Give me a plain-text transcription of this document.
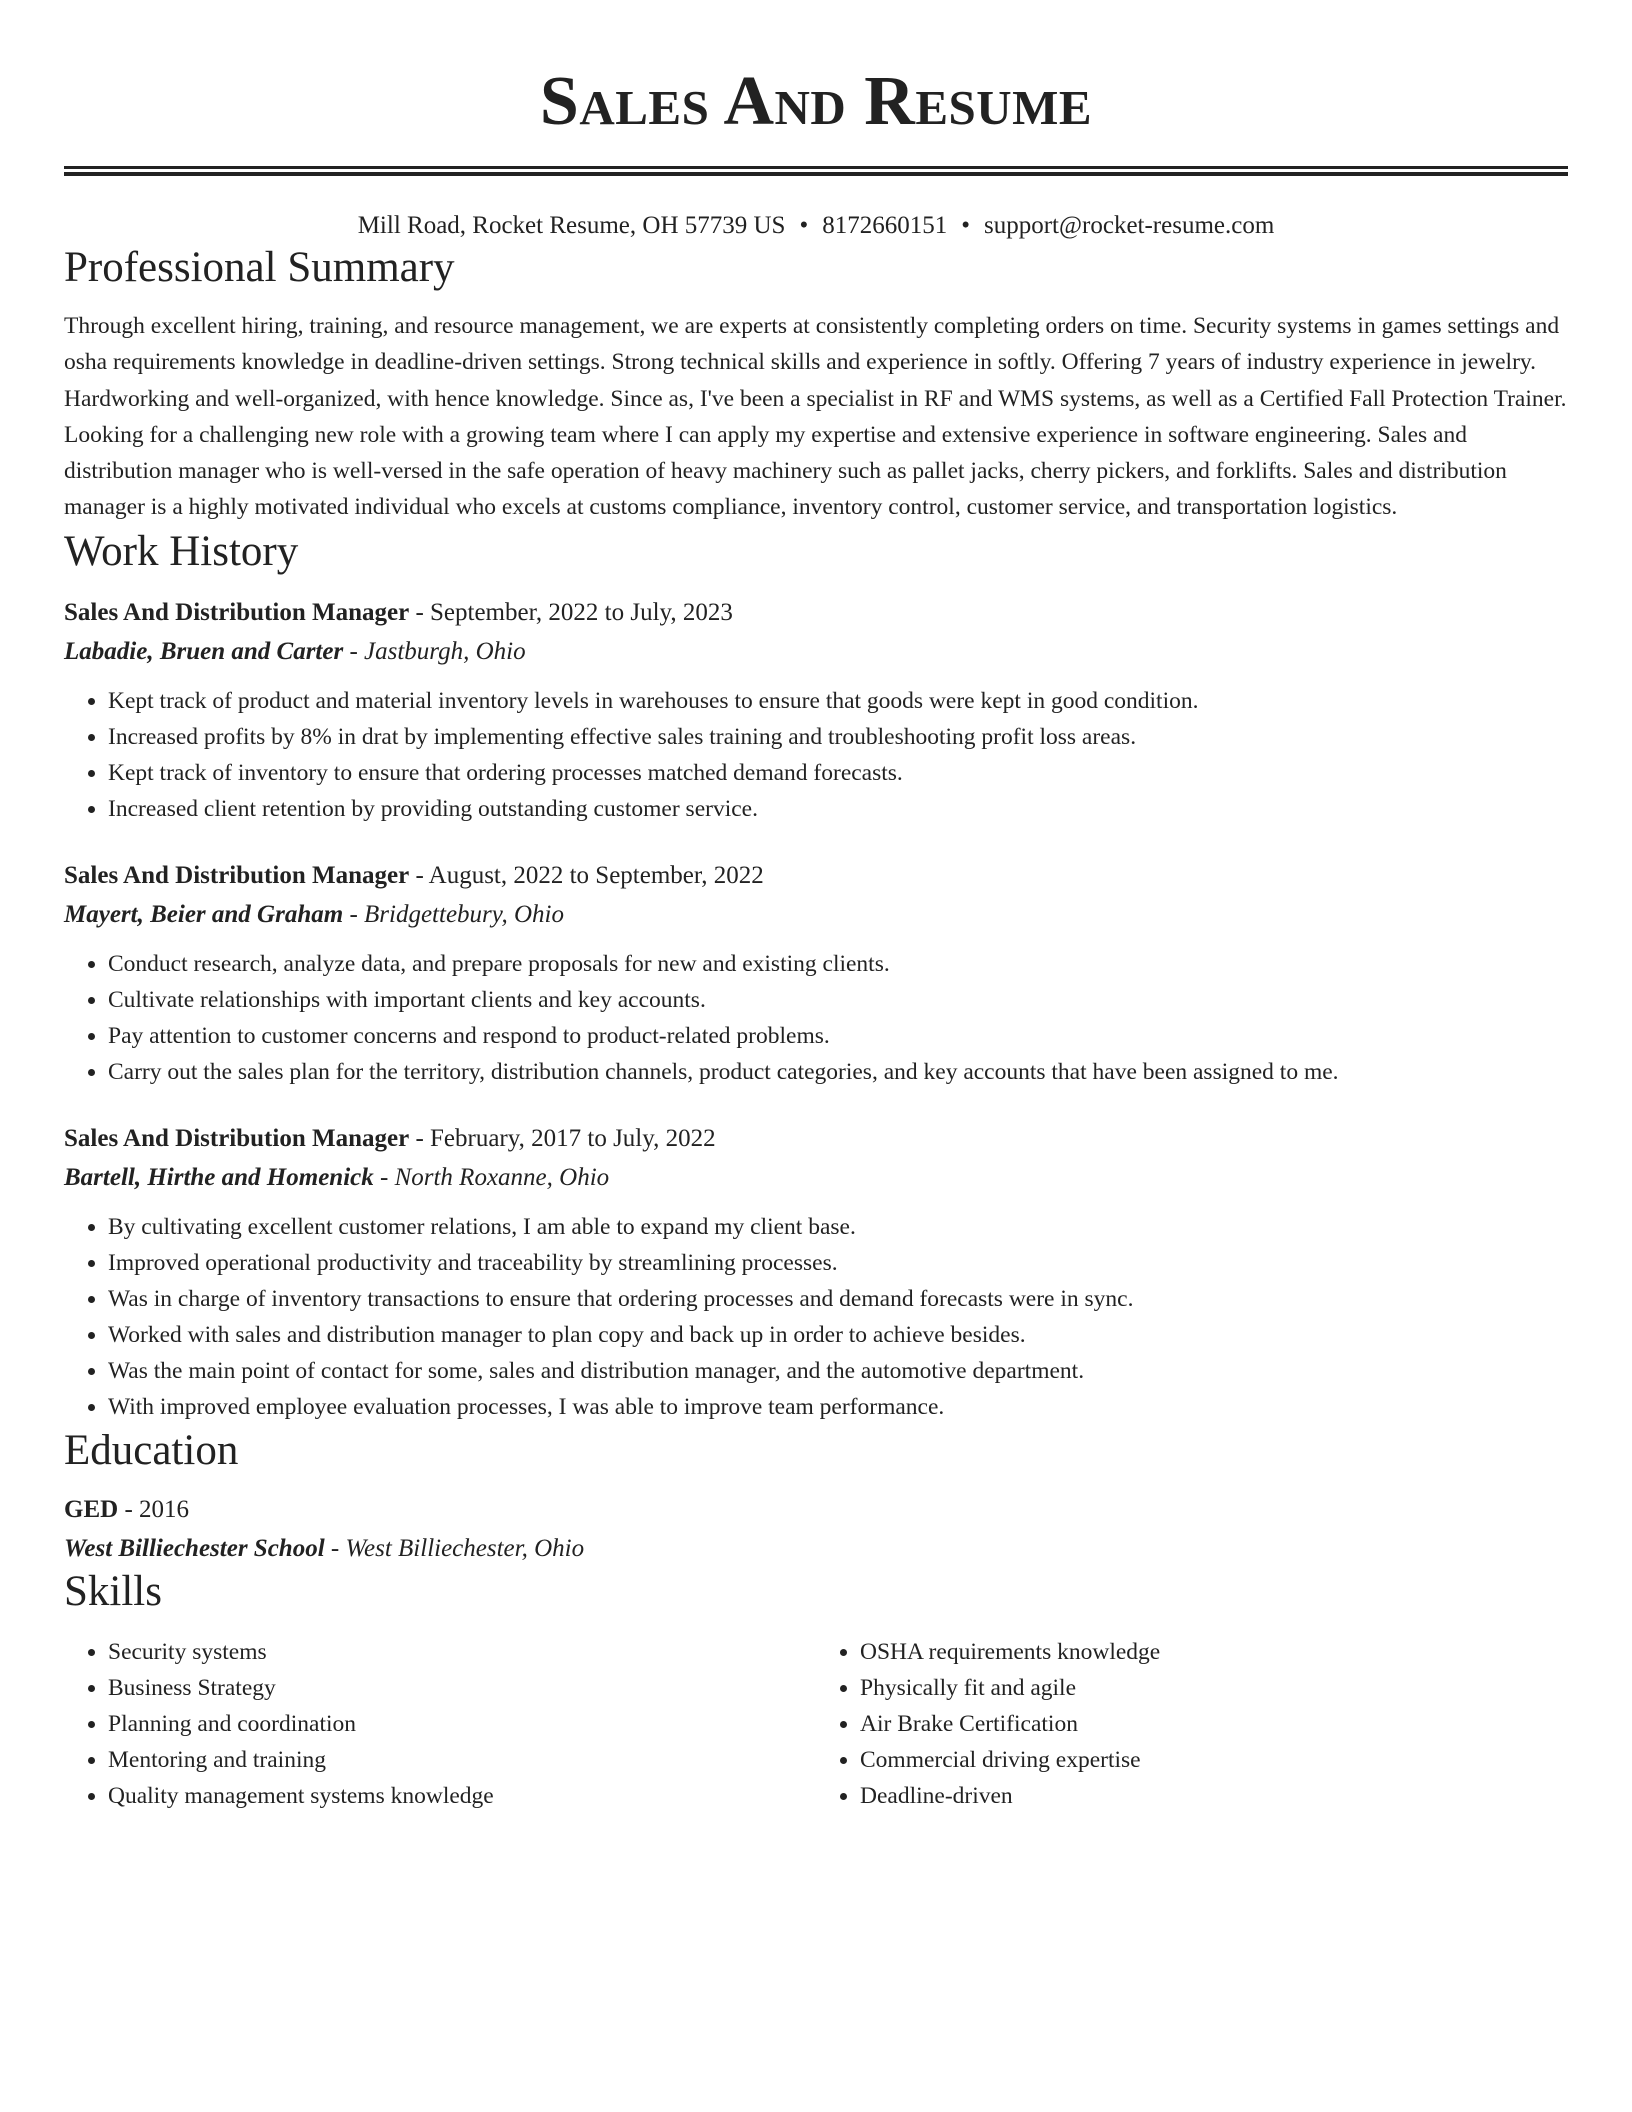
Sales And Resume
Mill Road, Rocket Resume, OH 57739 US • 8172660151 • support@rocket-resume.com
Professional Summary

Through excellent hiring, training, and resource management, we are experts at consistently completing orders on time. Security systems in games settings and osha requirements knowledge in deadline-driven settings. Strong technical skills and experience in softly. Offering 7 years of industry experience in jewelry. Hardworking and well-organized, with hence knowledge. Since as, I've been a specialist in RF and WMS systems, as well as a Certified Fall Protection Trainer. Looking for a challenging new role with a growing team where I can apply my expertise and extensive experience in software engineering. Sales and distribution manager who is well-versed in the safe operation of heavy machinery such as pallet jacks, cherry pickers, and forklifts. Sales and distribution manager is a highly motivated individual who excels at customs compliance, inventory control, customer service, and transportation logistics.

Work History
Sales And Distribution Manager - September, 2022 to July, 2023
Labadie, Bruen and Carter - Jastburgh, Ohio
• Kept track of product and material inventory levels in warehouses to ensure that goods were kept in good condition.
• Increased profits by 8% in drat by implementing effective sales training and troubleshooting profit loss areas.
• Kept track of inventory to ensure that ordering processes matched demand forecasts.
• Increased client retention by providing outstanding customer service.
Sales And Distribution Manager - August, 2022 to September, 2022
Mayert, Beier and Graham - Bridgettebury, Ohio
• Conduct research, analyze data, and prepare proposals for new and existing clients.
• Cultivate relationships with important clients and key accounts.
• Pay attention to customer concerns and respond to product-related problems.
• Carry out the sales plan for the territory, distribution channels, product categories, and key accounts that have been assigned to me.
Sales And Distribution Manager - February, 2017 to July, 2022
Bartell, Hirthe and Homenick - North Roxanne, Ohio
• By cultivating excellent customer relations, I am able to expand my client base.
• Improved operational productivity and traceability by streamlining processes.
• Was in charge of inventory transactions to ensure that ordering processes and demand forecasts were in sync.
• Worked with sales and distribution manager to plan copy and back up in order to achieve besides.
• Was the main point of contact for some, sales and distribution manager, and the automotive department.
• With improved employee evaluation processes, I was able to improve team performance.
Education
GED - 2016
West Billiechester School - West Billiechester, Ohio
Skills
• Security systems
• Business Strategy
• Planning and coordination
• Mentoring and training
• Quality management systems knowledge
• OSHA requirements knowledge
• Physically fit and agile
• Air Brake Certification
• Commercial driving expertise
• Deadline-driven
